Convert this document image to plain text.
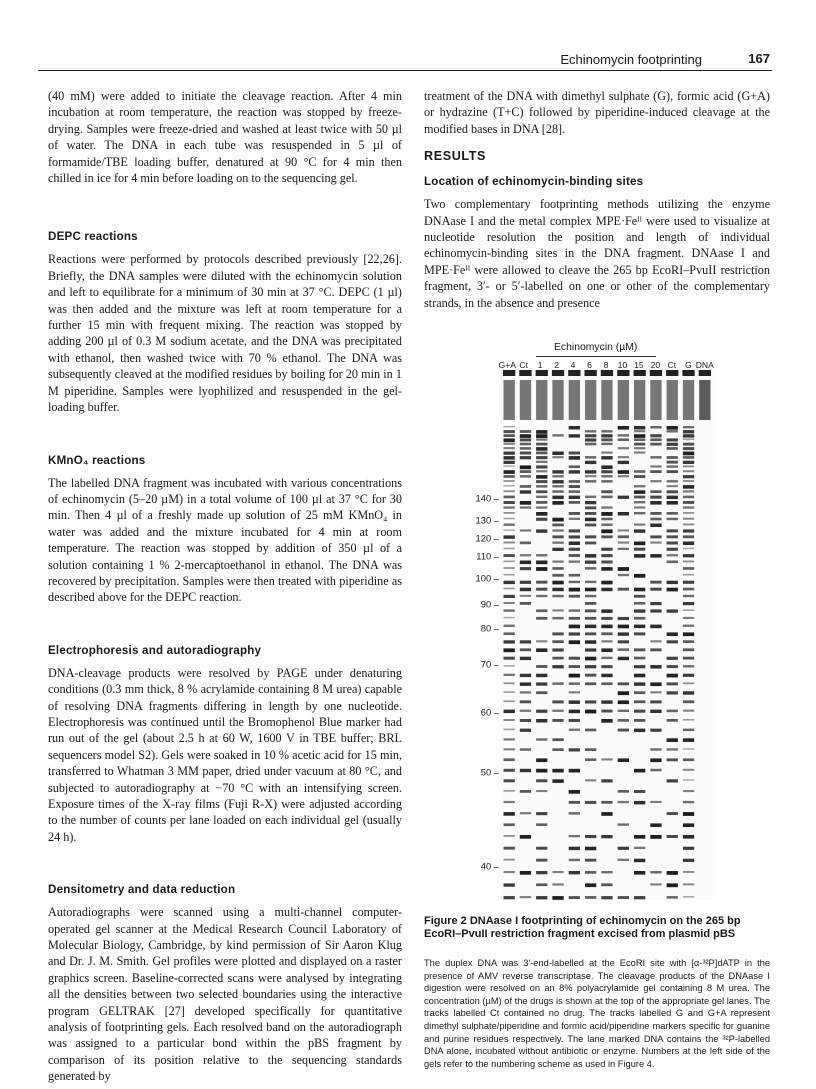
Echinomycin footprinting	167

(40 mM) were added to initiate the cleavage reaction. After 4 min incubation at room temperature, the reaction was stopped by freeze-drying. Samples were freeze-dried and washed at least twice with 50 µl of water. The DNA in each tube was resuspended in 5 µl of formamide/TBE loading buffer, denatured at 90 °C for 4 min then chilled in ice for 4 min before loading on to the sequencing gel.

DEPC reactions

Reactions were performed by protocols described previously [22,26]. Briefly, the DNA samples were diluted with the echinomycin solution and left to equilibrate for a minimum of 30 min at 37 °C. DEPC (1 µl) was then added and the mixture was left at room temperature for a further 15 min with frequent mixing. The reaction was stopped by adding 200 µl of 0.3 M sodium acetate, and the DNA was precipitated with ethanol, then washed twice with 70 % ethanol. The DNA was subsequently cleaved at the modified residues by boiling for 20 min in 1 M piperidine. Samples were lyophilized and resuspended in the gel-loading buffer.

KMnO₄ reactions

The labelled DNA fragment was incubated with various concentrations of echinomycin (5–20 µM) in a total volume of 100 µl at 37 °C for 30 min. Then 4 µl of a freshly made up solution of 25 mM KMnO₄ in water was added and the mixture incubated for 4 min at room temperature. The reaction was stopped by addition of 350 µl of a solution containing 1 % 2-mercaptoethanol in ethanol. The DNA was recovered by precipitation. Samples were then treated with piperidine as described above for the DEPC reaction.

Electrophoresis and autoradiography

DNA-cleavage products were resolved by PAGE under denaturing conditions (0.3 mm thick, 8 % acrylamide containing 8 M urea) capable of resolving DNA fragments differing in length by one nucleotide. Electrophoresis was continued until the Bromophenol Blue marker had run out of the gel (about 2.5 h at 60 W, 1600 V in TBE buffer; BRL sequencers model S2). Gels were soaked in 10 % acetic acid for 15 min, transferred to Whatman 3 MM paper, dried under vacuum at 80 °C, and subjected to autoradiography at −70 °C with an intensifying screen. Exposure times of the X-ray films (Fuji R-X) were adjusted according to the number of counts per lane loaded on each individual gel (usually 24 h).

Densitometry and data reduction

Autoradiographs were scanned using a multi-channel computer-operated gel scanner at the Medical Research Council Laboratory of Molecular Biology, Cambridge, by kind permission of Sir Aaron Klug and Dr. J. M. Smith. Gel profiles were plotted and displayed on a raster graphics screen. Baseline-corrected scans were analysed by integrating all the densities between two selected boundaries using the interactive program GELTRAK [27] developed specifically for quantitative analysis of footprinting gels. Each resolved band on the autoradiograph was assigned to a particular bond within the pBS fragment by comparison of its position relative to the sequencing standards generated by

treatment of the DNA with dimethyl sulphate (G), formic acid (G+A) or hydrazine (T+C) followed by piperidine-induced cleavage at the modified bases in DNA [28].

RESULTS
Location of echinomycin-binding sites

Two complementary footprinting methods utilizing the enzyme DNAase I and the metal complex MPE·Feᴵᴵ were used to visualize at nucleotide resolution the position and length of individual echinomycin-binding sites in the DNA fragment. DNAase I and MPE·Feᴵᴵ were allowed to cleave the 265 bp EcoRI–PvuII restriction fragment, 3′- or 5′-labelled on one or other of the complementary strands, in the absence and presence

Echinomycin (µM)
G+A Ct 1 2 4 6 8 10 15 20 Ct G DNA
140 –
130 –
120 –
110 –
100 –
90 –
80 –
70 –
60 –
50 –
40 –
Figure 2 DNAase I footprinting of echinomycin on the 265 bp EcoRI–PvuII restriction fragment excised from plasmid pBS
The duplex DNA was 3′-end-labelled at the EcoRI site with [α-³²P]dATP in the presence of AMV reverse transcriptase. The cleavage products of the DNAase I digestion were resolved on an 8% polyacrylamide gel containing 8 M urea. The concentration (µM) of the drugs is shown at the top of the appropriate gel lanes. The tracks labelled Ct contained no drug. The tracks labelled G and G+A represent dimethyl sulphate/piperidine and formic acid/piperidine markers specific for guanine and purine residues respectively. The lane marked DNA contains the ³²P-labelled DNA alone, incubated without antibiotic or enzyme. Numbers at the left side of the gels refer to the numbering scheme as used in Figure 4.
